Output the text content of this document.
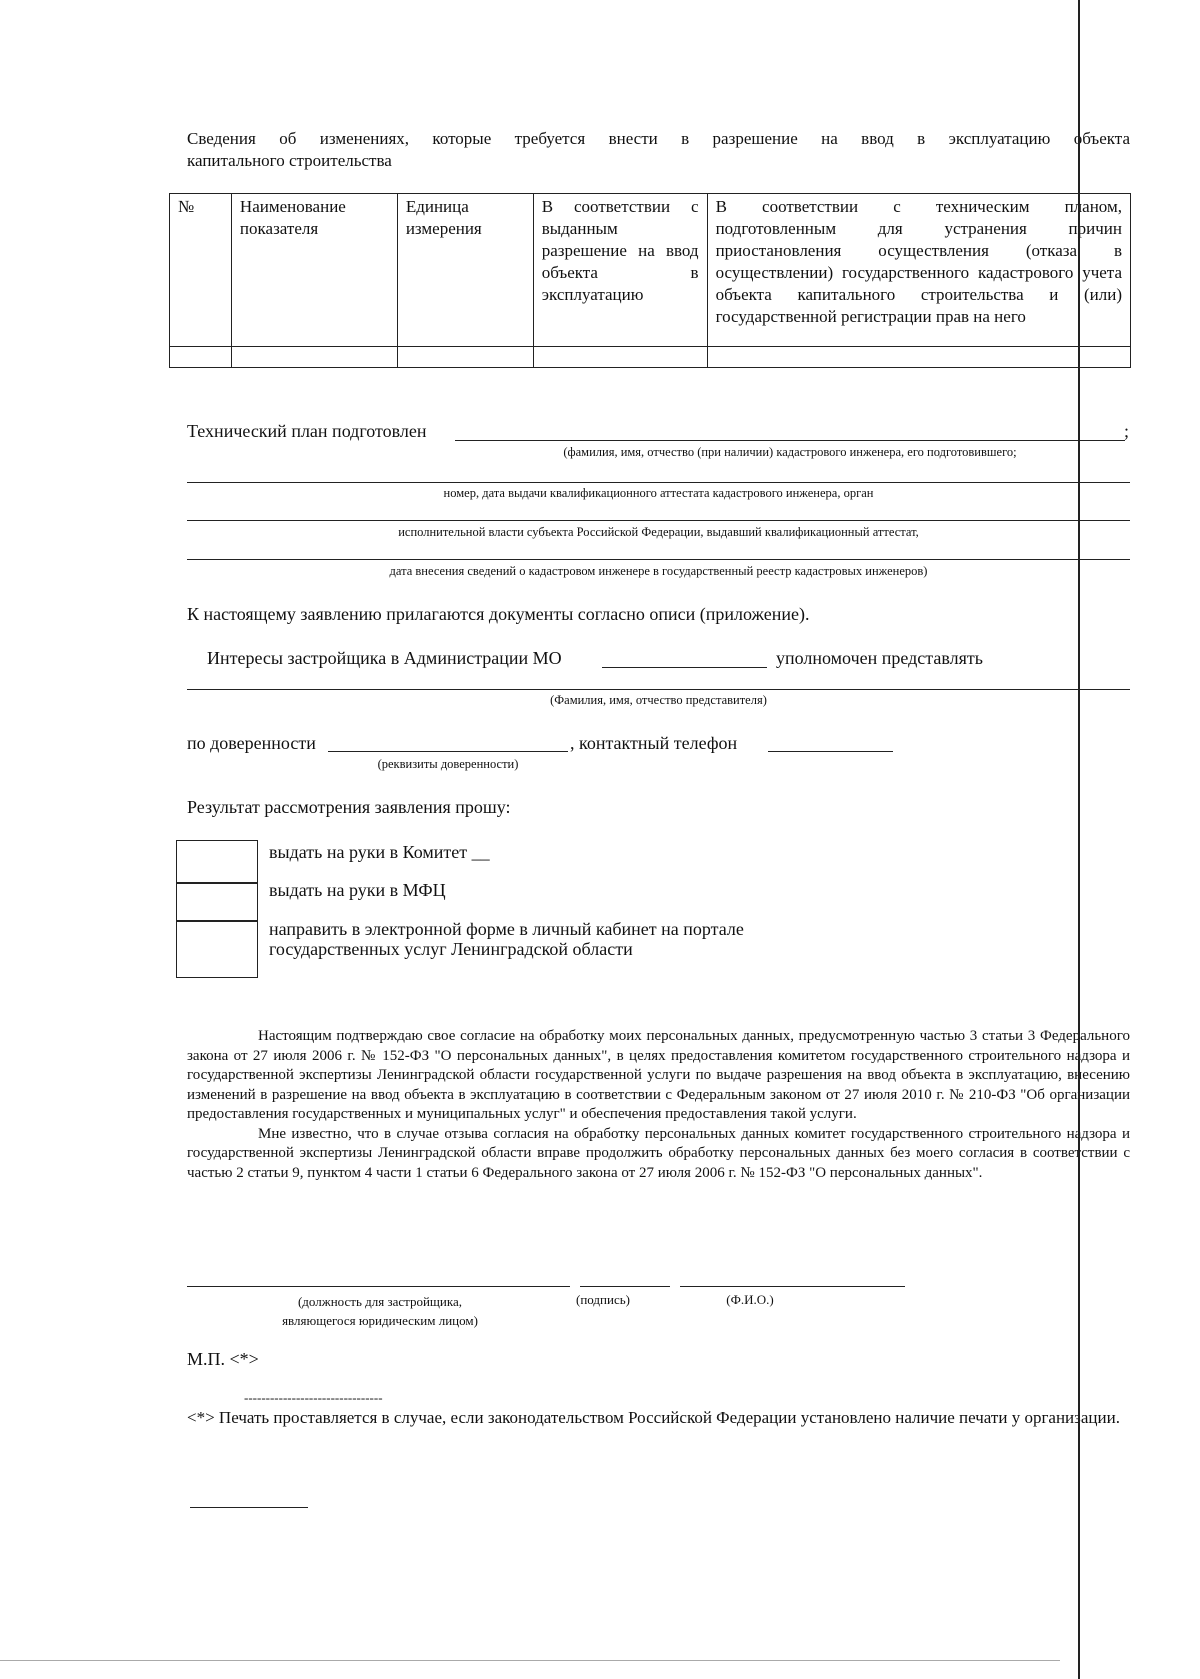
Сведения об изменениях, которые требуется внести в разрешение на ввод в эксплуатацию объекта
капитального строительства
№	Наименование показателя	Единица измерения	В соответствии с выданным разрешение на ввод объекта в эксплуатацию	В соответствии с техническим планом, подготовленным для устранения причин приостановления осуществления (отказа в осуществлении) государственного кадастрового учета объекта капитального строительства и (или) государственной регистрации прав на него

Технический план подготовлен	;
(фамилия, имя, отчество (при наличии) кадастрового инженера, его подготовившего;
номер, дата выдачи квалификационного аттестата кадастрового инженера, орган
исполнительной власти субъекта Российской Федерации, выдавший квалификационный аттестат,
дата внесения сведений о кадастровом инженере в государственный реестр кадастровых инженеров)
К настоящему заявлению прилагаются документы согласно описи (приложение).
Интересы застройщика в Администрации МО	уполномочен представлять
(Фамилия, имя, отчество представителя)
по доверенности
(реквизиты доверенности)
, контактный телефон
Результат рассмотрения заявления прошу:
выдать на руки в Комитет __
выдать на руки в МФЦ
направить в электронной форме в личный кабинет на портале
государственных услуг Ленинградской области

Настоящим подтверждаю свое согласие на обработку моих персональных данных, предусмотренную частью 3 статьи 3 Федерального закона от 27 июля 2006 г. № 152-ФЗ "О персональных данных", в целях предоставления комитетом государственного строительного надзора и государственной экспертизы Ленинградской области государственной услуги по выдаче разрешения на ввод объекта в эксплуатацию, внесению изменений в разрешение на ввод объекта в эксплуатацию в соответствии с Федеральным законом от 27 июля 2010 г. № 210-ФЗ "Об организации предоставления государственных и муниципальных услуг" и обеспечения предоставления такой услуги.

Мне известно, что в случае отзыва согласия на обработку персональных данных комитет государственного строительного надзора и государственной экспертизы Ленинградской области вправе продолжить обработку персональных данных без моего согласия в соответствии с частью 2 статьи 9, пунктом 4 части 1 статьи 6 Федерального закона от 27 июля 2006 г. № 152-ФЗ "О персональных данных".

(должность для застройщика,
являющегося юридическим лицом)
(подпись)	(Ф.И.О.)
М.П. <*>
--------------------------------
<*> Печать проставляется в случае, если законодательством Российской Федерации установлено наличие печати у организации.
